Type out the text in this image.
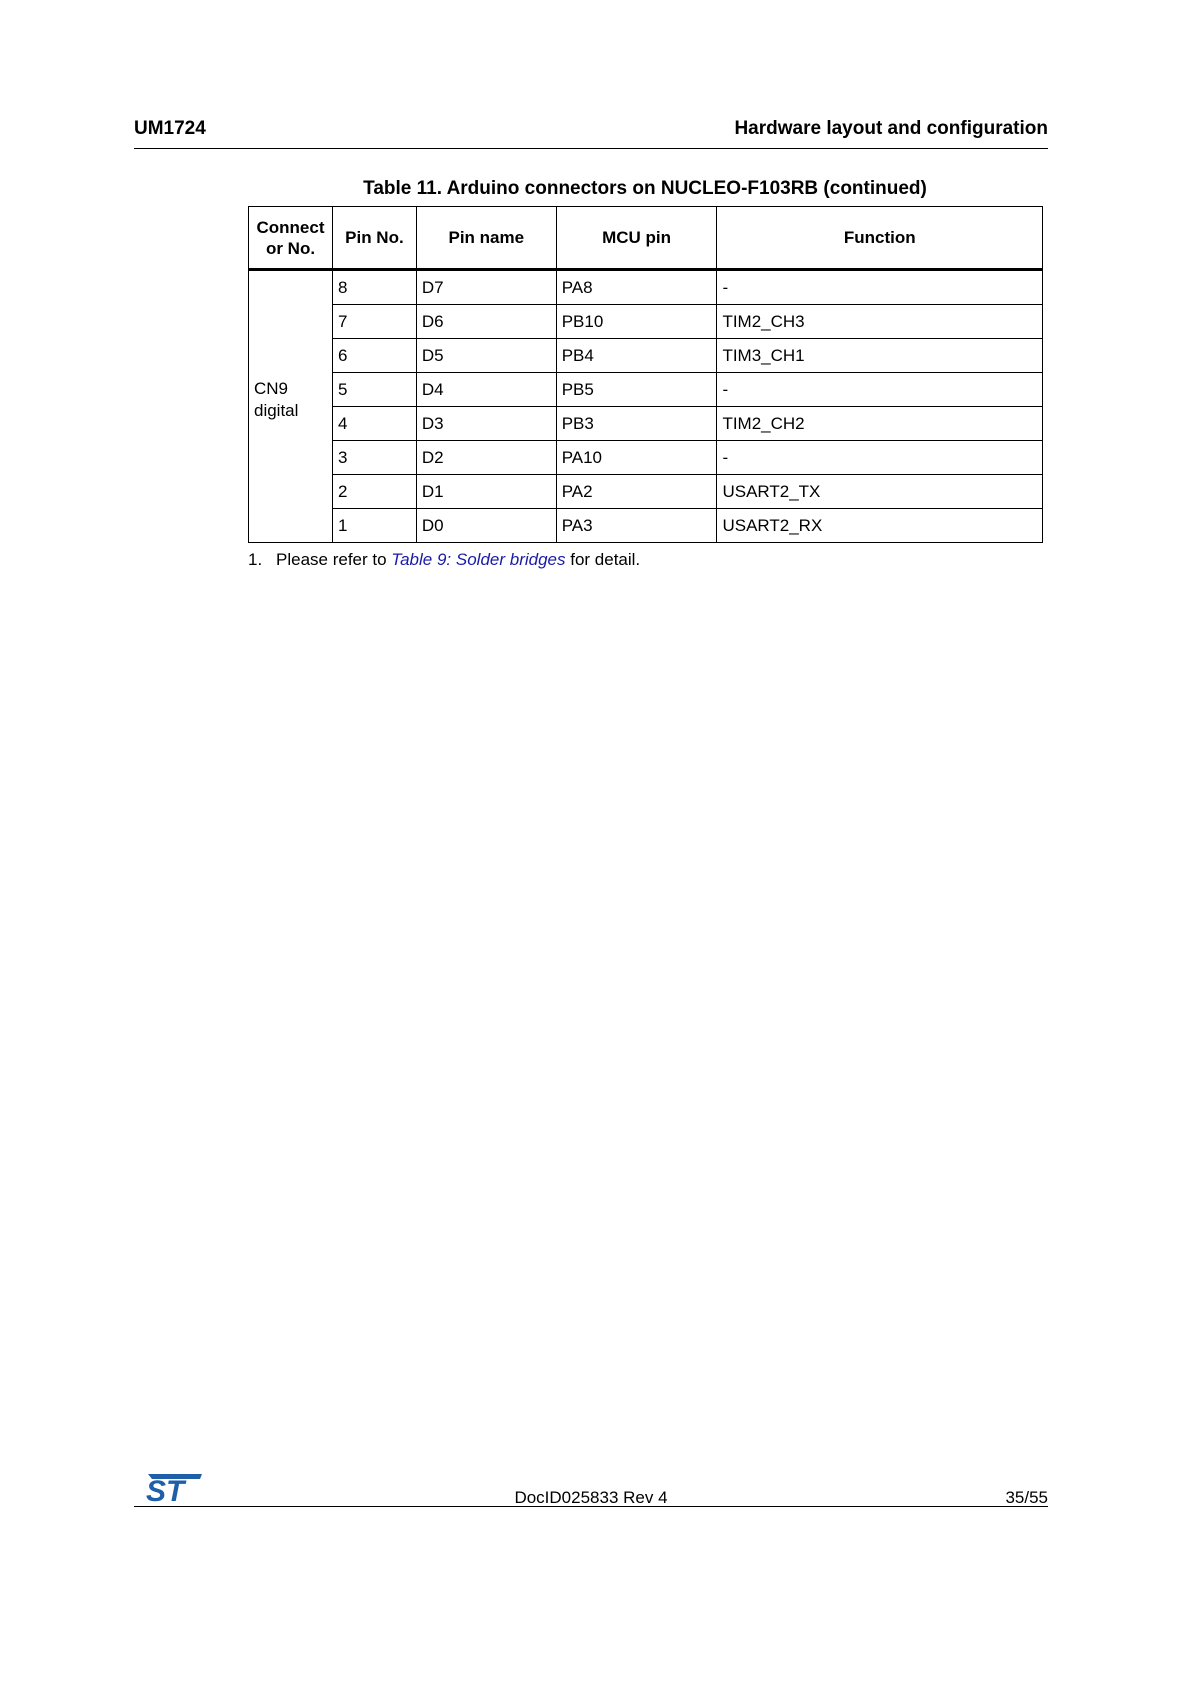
UM1724	Hardware layout and configuration
Table 11. Arduino connectors on NUCLEO-F103RB (continued)
Connect
or No.	Pin No.	Pin name	MCU pin	Function
CN9
digital	8	D7	PA8	-
	7	D6	PB10	TIM2_CH3
	6	D5	PB4	TIM3_CH1
	5	D4	PB5	-
	4	D3	PB3	TIM2_CH2
	3	D2	PA10	-
	2	D1	PA2	USART2_TX
	1	D0	PA3	USART2_RX
1. Please refer to Table 9: Solder bridges for detail.
ST	DocID025833 Rev 4	35/55
